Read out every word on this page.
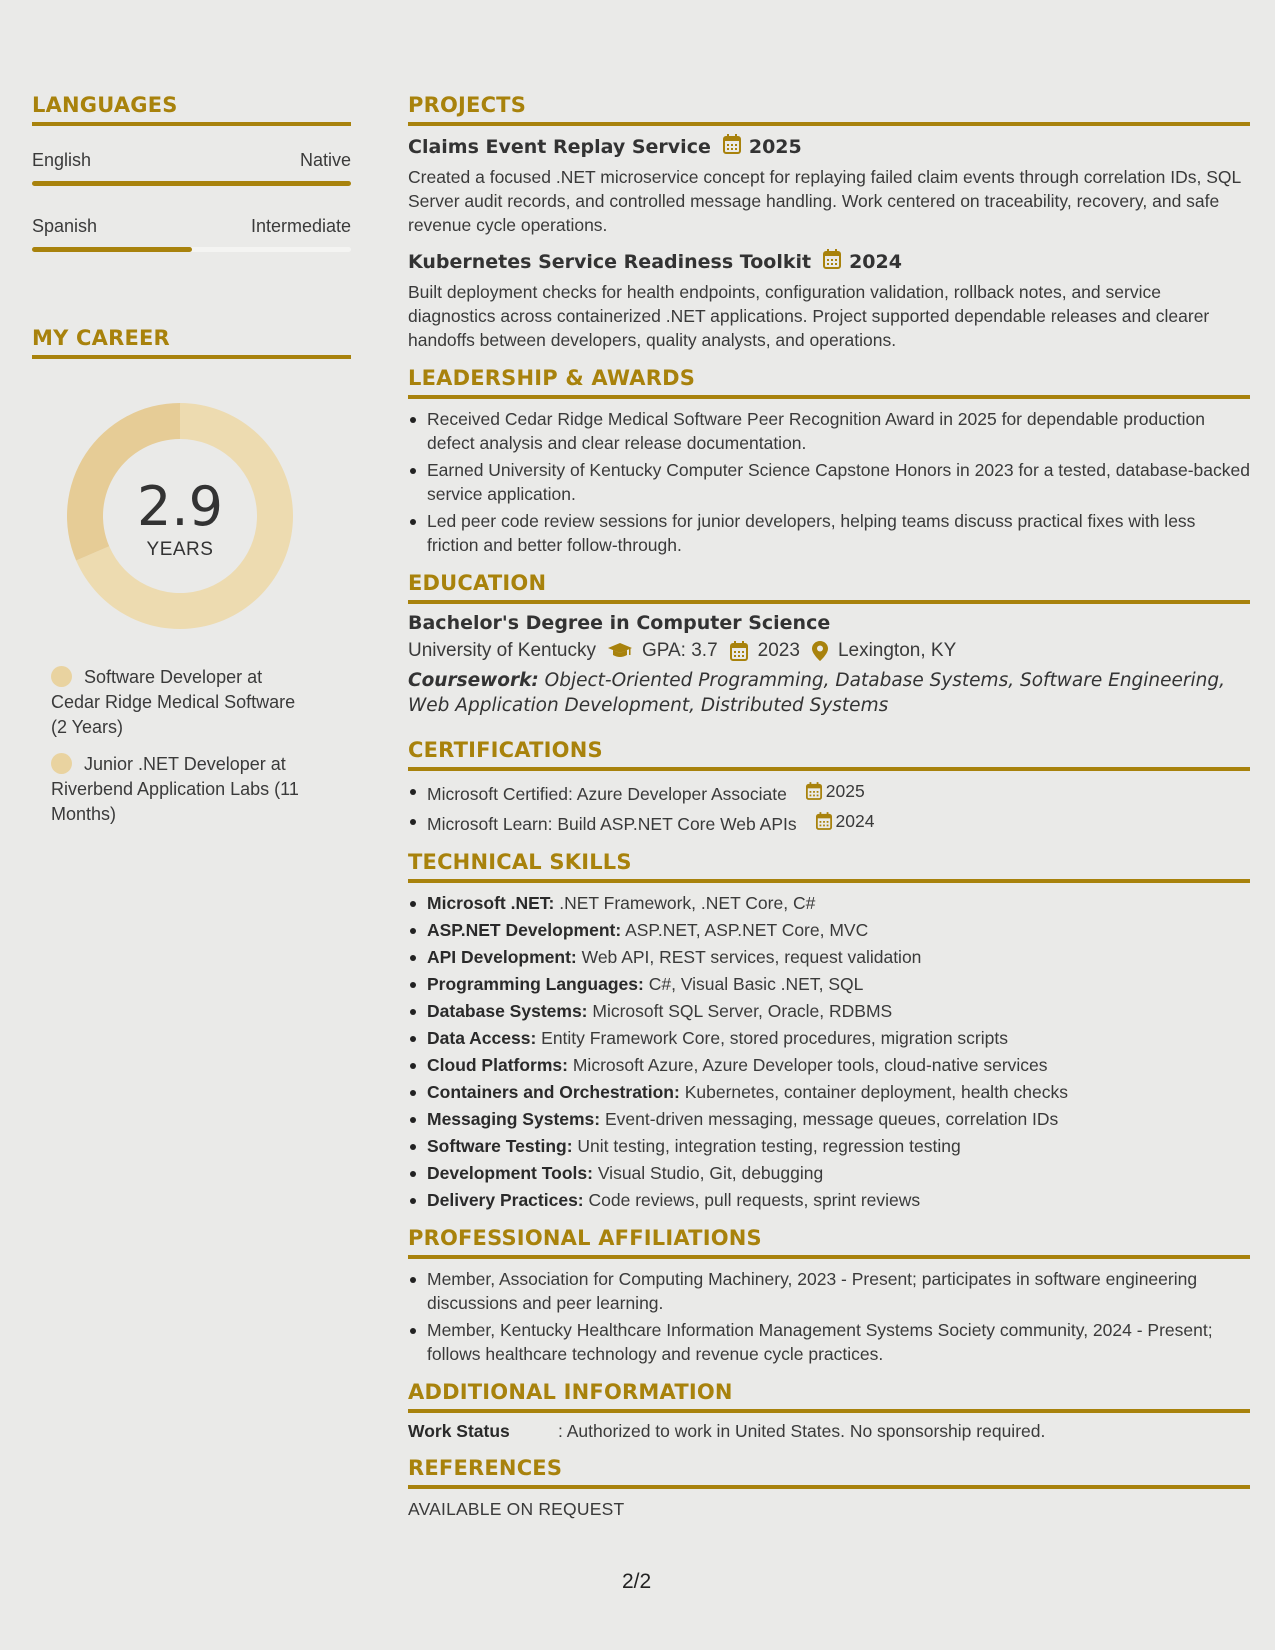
LANGUAGES
English	Native
Spanish	Intermediate
MY CAREER
2.9
YEARS
Software Developer at Cedar Ridge Medical Software (2 Years)
Junior .NET Developer at Riverbend Application Labs (11 Months)
PROJECTS
Claims Event Replay Service 2025
Created a focused .NET microservice concept for replaying failed claim events through correlation IDs, SQL Server audit records, and controlled message handling. Work centered on traceability, recovery, and safe revenue cycle operations.
Kubernetes Service Readiness Toolkit 2024
Built deployment checks for health endpoints, configuration validation, rollback notes, and service diagnostics across containerized .NET applications. Project supported dependable releases and clearer handoffs between developers, quality analysts, and operations.
LEADERSHIP & AWARDS
Received Cedar Ridge Medical Software Peer Recognition Award in 2025 for dependable production defect analysis and clear release documentation.
Earned University of Kentucky Computer Science Capstone Honors in 2023 for a tested, database-backed service application.
Led peer code review sessions for junior developers, helping teams discuss practical fixes with less friction and better follow-through.
EDUCATION
Bachelor's Degree in Computer Science
University of Kentucky GPA: 3.7 2023 Lexington, KY
Coursework: Object-Oriented Programming, Database Systems, Software Engineering, Web Application Development, Distributed Systems
CERTIFICATIONS
Microsoft Certified: Azure Developer Associate 2025
Microsoft Learn: Build ASP.NET Core Web APIs 2024
TECHNICAL SKILLS
Microsoft .NET: .NET Framework, .NET Core, C#
ASP.NET Development: ASP.NET, ASP.NET Core, MVC
API Development: Web API, REST services, request validation
Programming Languages: C#, Visual Basic .NET, SQL
Database Systems: Microsoft SQL Server, Oracle, RDBMS
Data Access: Entity Framework Core, stored procedures, migration scripts
Cloud Platforms: Microsoft Azure, Azure Developer tools, cloud-native services
Containers and Orchestration: Kubernetes, container deployment, health checks
Messaging Systems: Event-driven messaging, message queues, correlation IDs
Software Testing: Unit testing, integration testing, regression testing
Development Tools: Visual Studio, Git, debugging
Delivery Practices: Code reviews, pull requests, sprint reviews
PROFESSIONAL AFFILIATIONS
Member, Association for Computing Machinery, 2023 - Present; participates in software engineering discussions and peer learning.
Member, Kentucky Healthcare Information Management Systems Society community, 2024 - Present; follows healthcare technology and revenue cycle practices.
ADDITIONAL INFORMATION
Work Status	: Authorized to work in United States. No sponsorship required.
REFERENCES
AVAILABLE ON REQUEST
2/2
